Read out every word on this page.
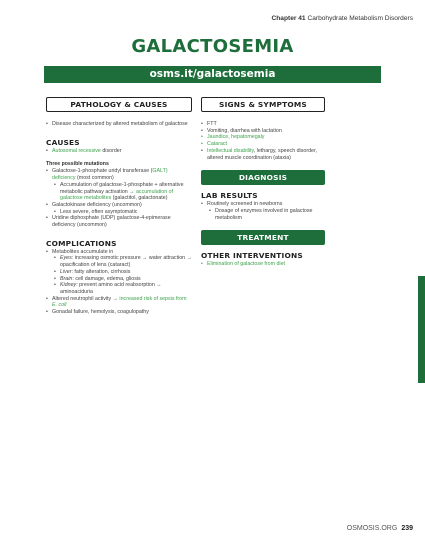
Chapter 41 Carbohydrate Metabolism Disorders
GALACTOSEMIA
osms.it/galactosemia
PATHOLOGY & CAUSES
• Disease characterized by altered metabolism of galactose
CAUSES
• Autosomal recessive disorder
Three possible mutations
• Galactose-1-phosphate uridyl transferase (GALT) deficiency (most common)
• Accumulation of galactose-1-phosphate + alternative metabolic pathway activation → accumulation of galactose metabolites (galactitol, galactonate)
• Galactokinase deficiency (uncommon)
• Less severe, often asymptomatic
• Uridine diphosphate (UDP) galactose-4-epimerase deficiency (uncommon)
COMPLICATIONS
• Metabolites accumulate in
• Eyes: increasing osmotic pressure → water attraction → opacification of lens (cataract)
• Liver: fatty alteration, cirrhosis
• Brain: cell damage, edema, gliosis
• Kidney: prevent amino acid reabsorption → aminoaciduria
• Altered neutrophil activity → increased risk of sepsis from E. coli
• Gonadal failure, hemolysis, coagulopathy
SIGNS & SYMPTOMS
• FTT
• Vomiting, diarrhea with lactation
• Jaundice, hepatomegaly
• Cataract
• Intellectual disability, lethargy, speech disorder, altered muscle coordination (ataxia)
DIAGNOSIS
LAB RESULTS
• Routinely screened in newborns
• Dosage of enzymes involved in galactose metabolism
TREATMENT
OTHER INTERVENTIONS
• Elimination of galactose from diet
OSMOSIS.ORG 239
